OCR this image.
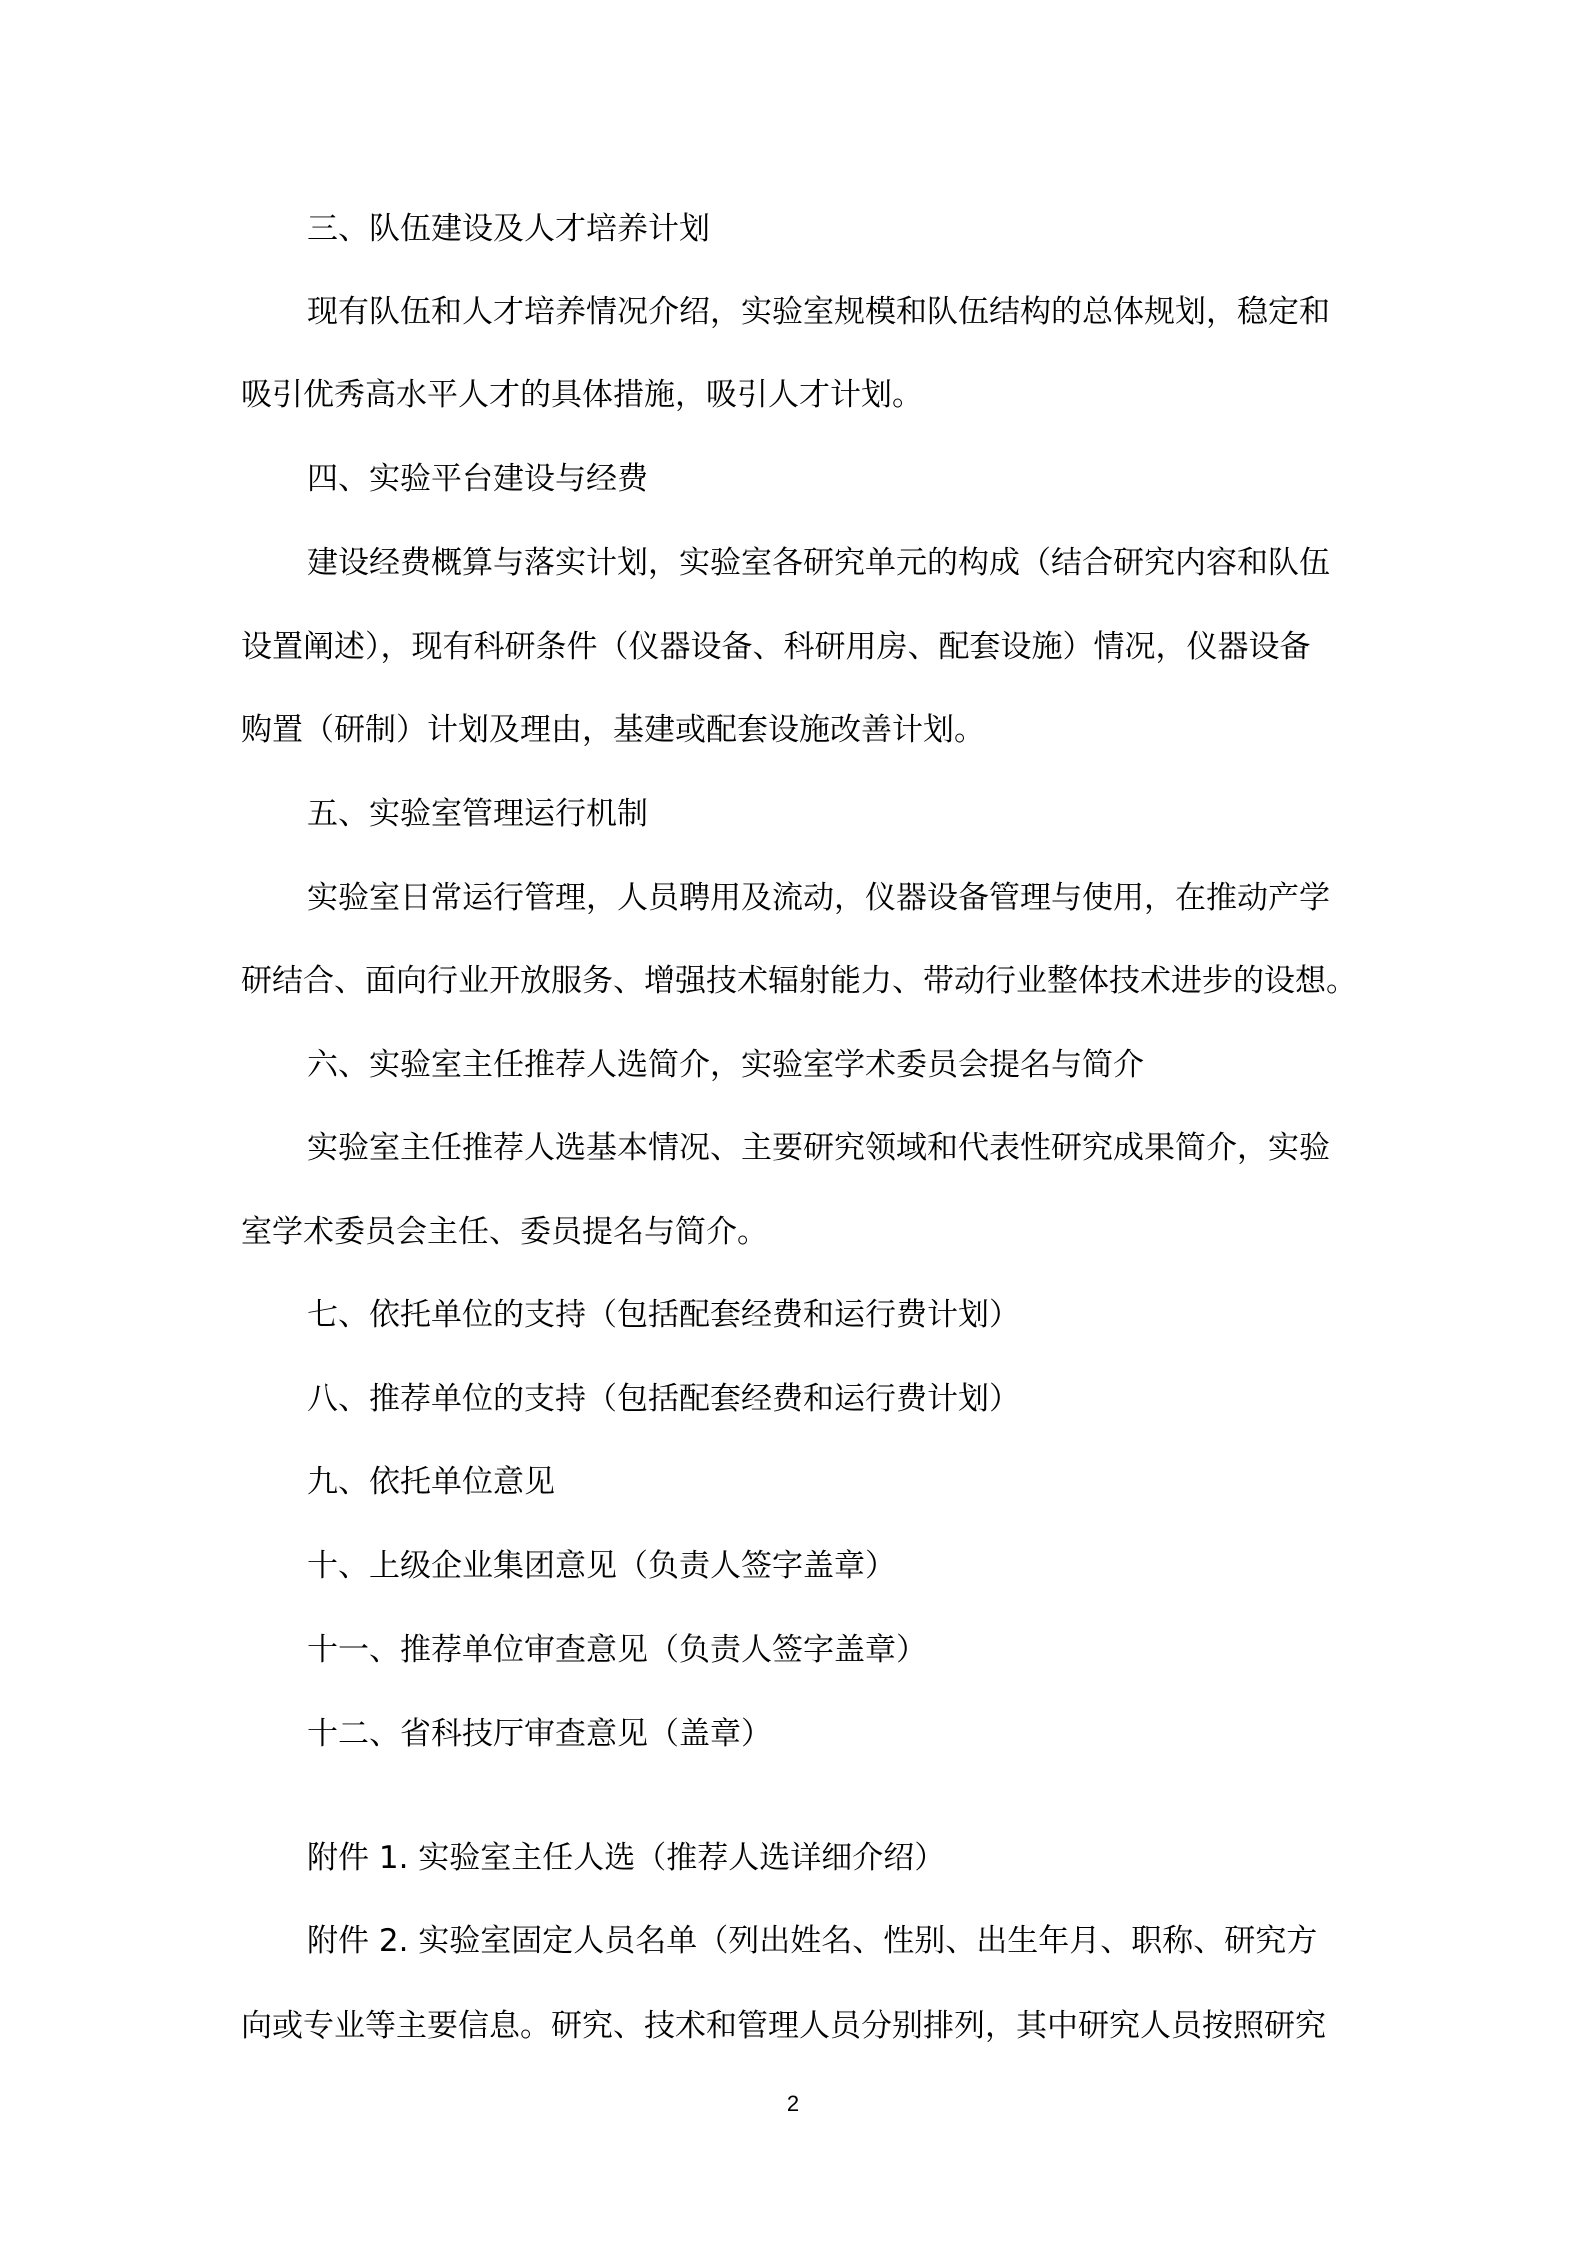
三、队伍建设及人才培养计划
现有队伍和人才培养情况介绍，实验室规模和队伍结构的总体规划，稳定和
吸引优秀高水平人才的具体措施，吸引人才计划。
四、实验平台建设与经费
建设经费概算与落实计划，实验室各研究单元的构成（结合研究内容和队伍
设置阐述），现有科研条件（仪器设备、科研用房、配套设施）情况，仪器设备
购置（研制）计划及理由，基建或配套设施改善计划。
五、实验室管理运行机制
实验室日常运行管理，人员聘用及流动，仪器设备管理与使用，在推动产学
研结合、面向行业开放服务、增强技术辐射能力、带动行业整体技术进步的设想。
六、实验室主任推荐人选简介，实验室学术委员会提名与简介
实验室主任推荐人选基本情况、主要研究领域和代表性研究成果简介，实验
室学术委员会主任、委员提名与简介。
七、依托单位的支持（包括配套经费和运行费计划）
八、推荐单位的支持（包括配套经费和运行费计划）
九、依托单位意见
十、上级企业集团意见（负责人签字盖章）
十一、推荐单位审查意见（负责人签字盖章）
十二、省科技厅审查意见（盖章）
附件 1. 实验室主任人选（推荐人选详细介绍）
附件 2. 实验室固定人员名单（列出姓名、性别、出生年月、职称、研究方
向或专业等主要信息。研究、技术和管理人员分别排列，其中研究人员按照研究
2
